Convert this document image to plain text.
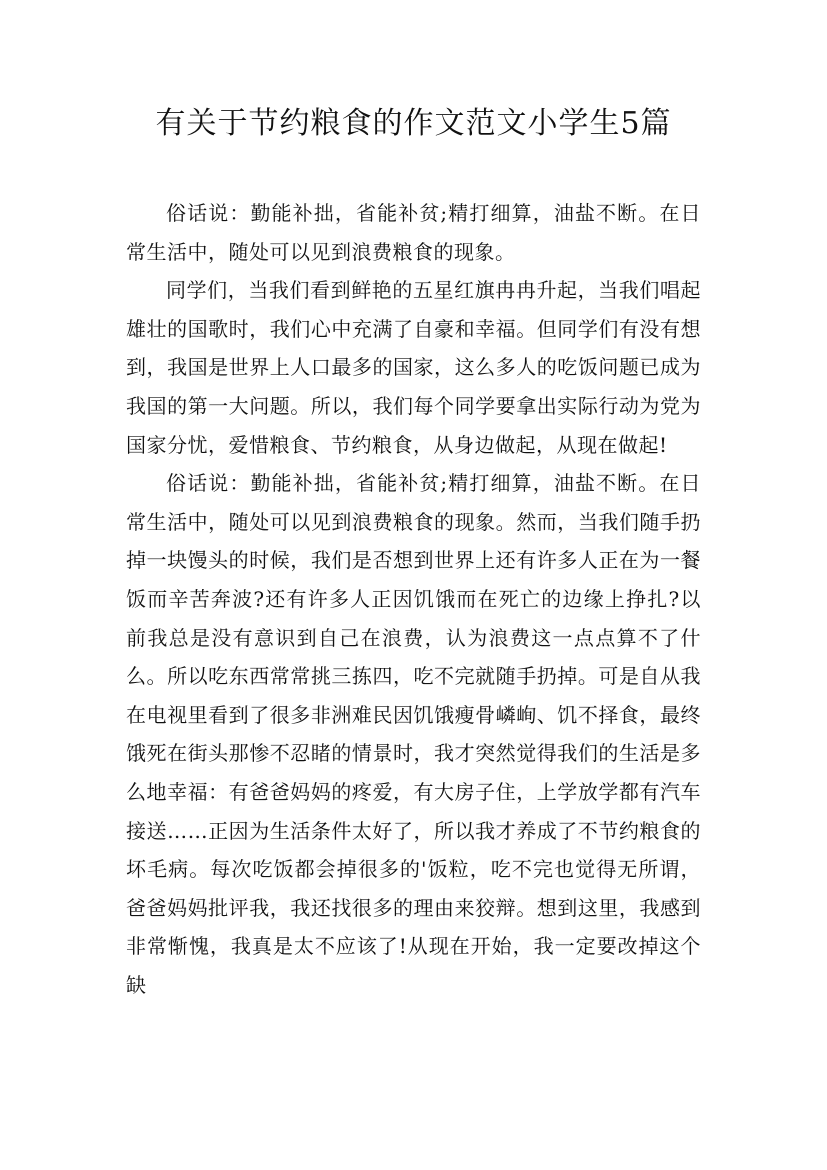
有关于节约粮食的作文范文小学生5篇

俗话说：勤能补拙，省能补贫;精打细算，油盐不断。在日常生活中，随处可以见到浪费粮食的现象。

同学们，当我们看到鲜艳的五星红旗冉冉升起，当我们唱起雄壮的国歌时，我们心中充满了自豪和幸福。但同学们有没有想到，我国是世界上人口最多的国家，这么多人的吃饭问题已成为我国的第一大问题。所以，我们每个同学要拿出实际行动为党为国家分忧，爱惜粮食、节约粮食，从身边做起，从现在做起!

俗话说：勤能补拙，省能补贫;精打细算，油盐不断。在日常生活中，随处可以见到浪费粮食的现象。然而，当我们随手扔掉一块馒头的时候，我们是否想到世界上还有许多人正在为一餐饭而辛苦奔波?还有许多人正因饥饿而在死亡的边缘上挣扎?以前我总是没有意识到自己在浪费，认为浪费这一点点算不了什么。所以吃东西常常挑三拣四，吃不完就随手扔掉。可是自从我在电视里看到了很多非洲难民因饥饿瘦骨嶙峋、饥不择食，最终饿死在街头那惨不忍睹的情景时，我才突然觉得我们的生活是多么地幸福：有爸爸妈妈的疼爱，有大房子住，上学放学都有汽车接送……正因为生活条件太好了，所以我才养成了不节约粮食的坏毛病。每次吃饭都会掉很多的'饭粒，吃不完也觉得无所谓，爸爸妈妈批评我，我还找很多的理由来狡辩。想到这里，我感到非常惭愧，我真是太不应该了!从现在开始，我一定要改掉这个缺
